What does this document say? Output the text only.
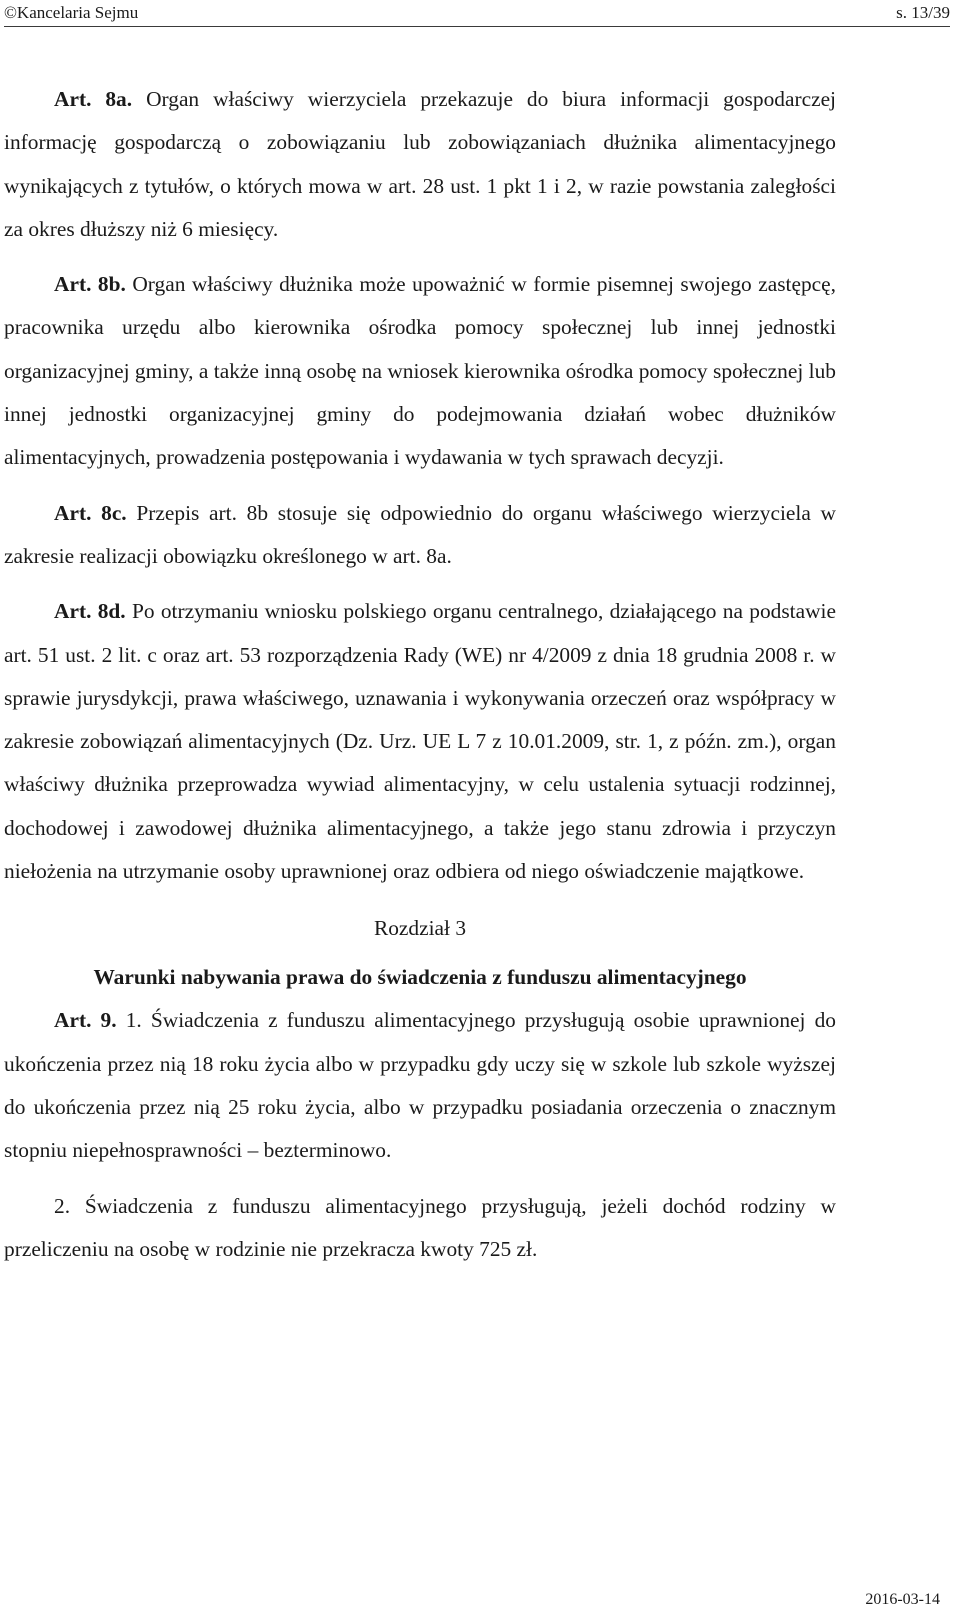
©Kancelaria Sejmu	s. 13/39

Art. 8a. Organ właściwy wierzyciela przekazuje do biura informacji gospodarczej informację gospodarczą o zobowiązaniu lub zobowiązaniach dłużnika alimentacyjnego wynikających z tytułów, o których mowa w art. 28 ust. 1 pkt 1 i 2, w razie powstania zaległości za okres dłuższy niż 6 miesięcy.

Art. 8b. Organ właściwy dłużnika może upoważnić w formie pisemnej swojego zastępcę, pracownika urzędu albo kierownika ośrodka pomocy społecznej lub innej jednostki organizacyjnej gminy, a także inną osobę na wniosek kierownika ośrodka pomocy społecznej lub innej jednostki organizacyjnej gminy do podejmowania działań wobec dłużników alimentacyjnych, prowadzenia postępowania i wydawania w tych sprawach decyzji.

Art. 8c. Przepis art. 8b stosuje się odpowiednio do organu właściwego wierzyciela w zakresie realizacji obowiązku określonego w art. 8a.

Art. 8d. Po otrzymaniu wniosku polskiego organu centralnego, działającego na podstawie art. 51 ust. 2 lit. c oraz art. 53 rozporządzenia Rady (WE) nr 4/2009 z dnia 18 grudnia 2008 r. w sprawie jurysdykcji, prawa właściwego, uznawania i wykonywania orzeczeń oraz współpracy w zakresie zobowiązań alimentacyjnych (Dz. Urz. UE L 7 z 10.01.2009, str. 1, z późn. zm.), organ właściwy dłużnika przeprowadza wywiad alimentacyjny, w celu ustalenia sytuacji rodzinnej, dochodowej i zawodowej dłużnika alimentacyjnego, a także jego stanu zdrowia i przyczyn niełożenia na utrzymanie osoby uprawnionej oraz odbiera od niego oświadczenie majątkowe.

Rozdział 3

Warunki nabywania prawa do świadczenia z funduszu alimentacyjnego

Art. 9. 1. Świadczenia z funduszu alimentacyjnego przysługują osobie uprawnionej do ukończenia przez nią 18 roku życia albo w przypadku gdy uczy się w szkole lub szkole wyższej do ukończenia przez nią 25 roku życia, albo w przypadku posiadania orzeczenia o znacznym stopniu niepełnosprawności – bezterminowo.

2. Świadczenia z funduszu alimentacyjnego przysługują, jeżeli dochód rodziny w przeliczeniu na osobę w rodzinie nie przekracza kwoty 725 zł.

2016-03-14
